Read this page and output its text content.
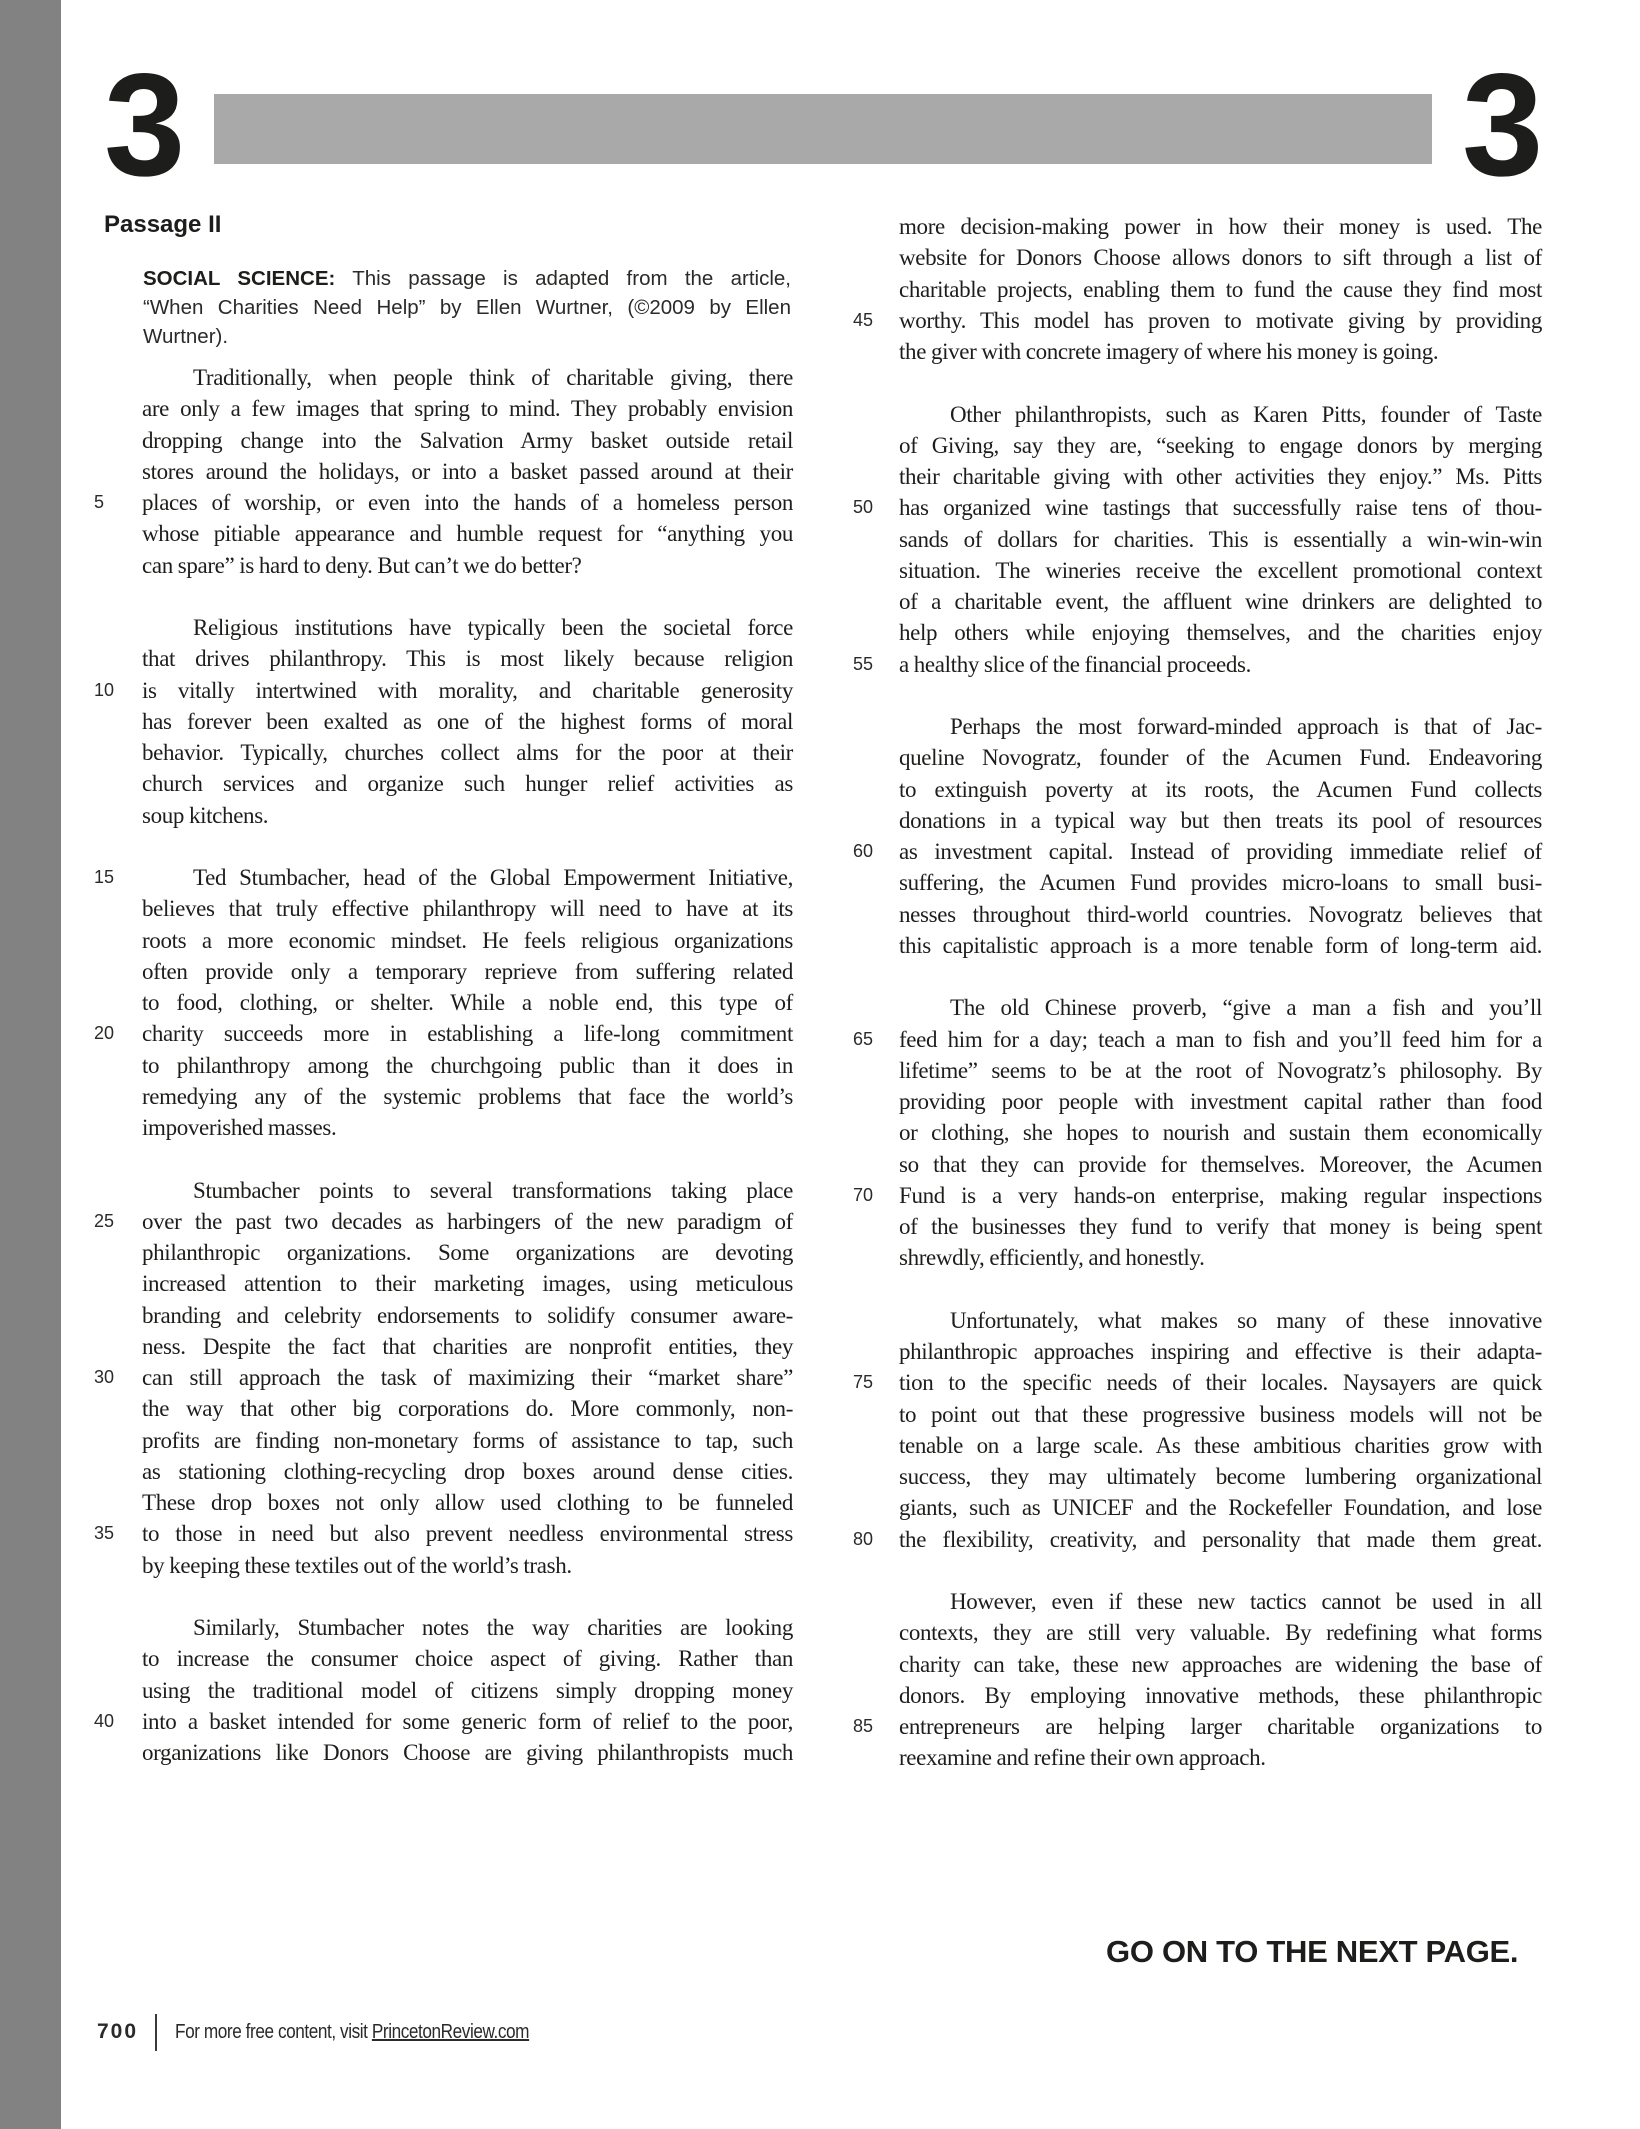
3	3
Passage II
SOCIAL SCIENCE: This passage is adapted from the article,
“When Charities Need Help” by Ellen Wurtner, (©2009 by Ellen
Wurtner).
Traditionally, when people think of charitable giving, there
are only a few images that spring to mind. They probably envision
dropping change into the Salvation Army basket outside retail
stores around the holidays, or into a basket passed around at their
5	places of worship, or even into the hands of a homeless person
whose pitiable appearance and humble request for “anything you
can spare” is hard to deny. But can’t we do better?
Religious institutions have typically been the societal force
that drives philanthropy. This is most likely because religion
10	is vitally intertwined with morality, and charitable generosity
has forever been exalted as one of the highest forms of moral
behavior. Typically, churches collect alms for the poor at their
church services and organize such hunger relief activities as
soup kitchens.
15	Ted Stumbacher, head of the Global Empowerment Initiative,
believes that truly effective philanthropy will need to have at its
roots a more economic mindset. He feels religious organizations
often provide only a temporary reprieve from suffering related
to food, clothing, or shelter. While a noble end, this type of
20	charity succeeds more in establishing a life-long commitment
to philanthropy among the churchgoing public than it does in
remedying any of the systemic problems that face the world’s
impoverished masses.
Stumbacher points to several transformations taking place
25	over the past two decades as harbingers of the new paradigm of
philanthropic organizations. Some organizations are devoting
increased attention to their marketing images, using meticulous
branding and celebrity endorsements to solidify consumer aware-
ness. Despite the fact that charities are nonprofit entities, they
30	can still approach the task of maximizing their “market share”
the way that other big corporations do. More commonly, non-
profits are finding non-monetary forms of assistance to tap, such
as stationing clothing-recycling drop boxes around dense cities.
These drop boxes not only allow used clothing to be funneled
35	to those in need but also prevent needless environmental stress
by keeping these textiles out of the world’s trash.
Similarly, Stumbacher notes the way charities are looking
to increase the consumer choice aspect of giving. Rather than
using the traditional model of citizens simply dropping money
40	into a basket intended for some generic form of relief to the poor,
organizations like Donors Choose are giving philanthropists much
more decision-making power in how their money is used. The
website for Donors Choose allows donors to sift through a list of
charitable projects, enabling them to fund the cause they find most
45	worthy. This model has proven to motivate giving by providing
the giver with concrete imagery of where his money is going.
Other philanthropists, such as Karen Pitts, founder of Taste
of Giving, say they are, “seeking to engage donors by merging
their charitable giving with other activities they enjoy.” Ms. Pitts
50	has organized wine tastings that successfully raise tens of thou-
sands of dollars for charities. This is essentially a win-win-win
situation. The wineries receive the excellent promotional context
of a charitable event, the affluent wine drinkers are delighted to
help others while enjoying themselves, and the charities enjoy
55	a healthy slice of the financial proceeds.
Perhaps the most forward-minded approach is that of Jac-
queline Novogratz, founder of the Acumen Fund. Endeavoring
to extinguish poverty at its roots, the Acumen Fund collects
donations in a typical way but then treats its pool of resources
60	as investment capital. Instead of providing immediate relief of
suffering, the Acumen Fund provides micro-loans to small busi-
nesses throughout third-world countries. Novogratz believes that
this capitalistic approach is a more tenable form of long-term aid.
The old Chinese proverb, “give a man a fish and you’ll
65	feed him for a day; teach a man to fish and you’ll feed him for a
lifetime” seems to be at the root of Novogratz’s philosophy. By
providing poor people with investment capital rather than food
or clothing, she hopes to nourish and sustain them economically
so that they can provide for themselves. Moreover, the Acumen
70	Fund is a very hands-on enterprise, making regular inspections
of the businesses they fund to verify that money is being spent
shrewdly, efficiently, and honestly.
Unfortunately, what makes so many of these innovative
philanthropic approaches inspiring and effective is their adapta-
75	tion to the specific needs of their locales. Naysayers are quick
to point out that these progressive business models will not be
tenable on a large scale. As these ambitious charities grow with
success, they may ultimately become lumbering organizational
giants, such as UNICEF and the Rockefeller Foundation, and lose
80	the flexibility, creativity, and personality that made them great.
However, even if these new tactics cannot be used in all
contexts, they are still very valuable. By redefining what forms
charity can take, these new approaches are widening the base of
donors. By employing innovative methods, these philanthropic
85	entrepreneurs are helping larger charitable organizations to
reexamine and refine their own approach.
GO ON TO THE NEXT PAGE.
700 For more free content, visit PrincetonReview.com
